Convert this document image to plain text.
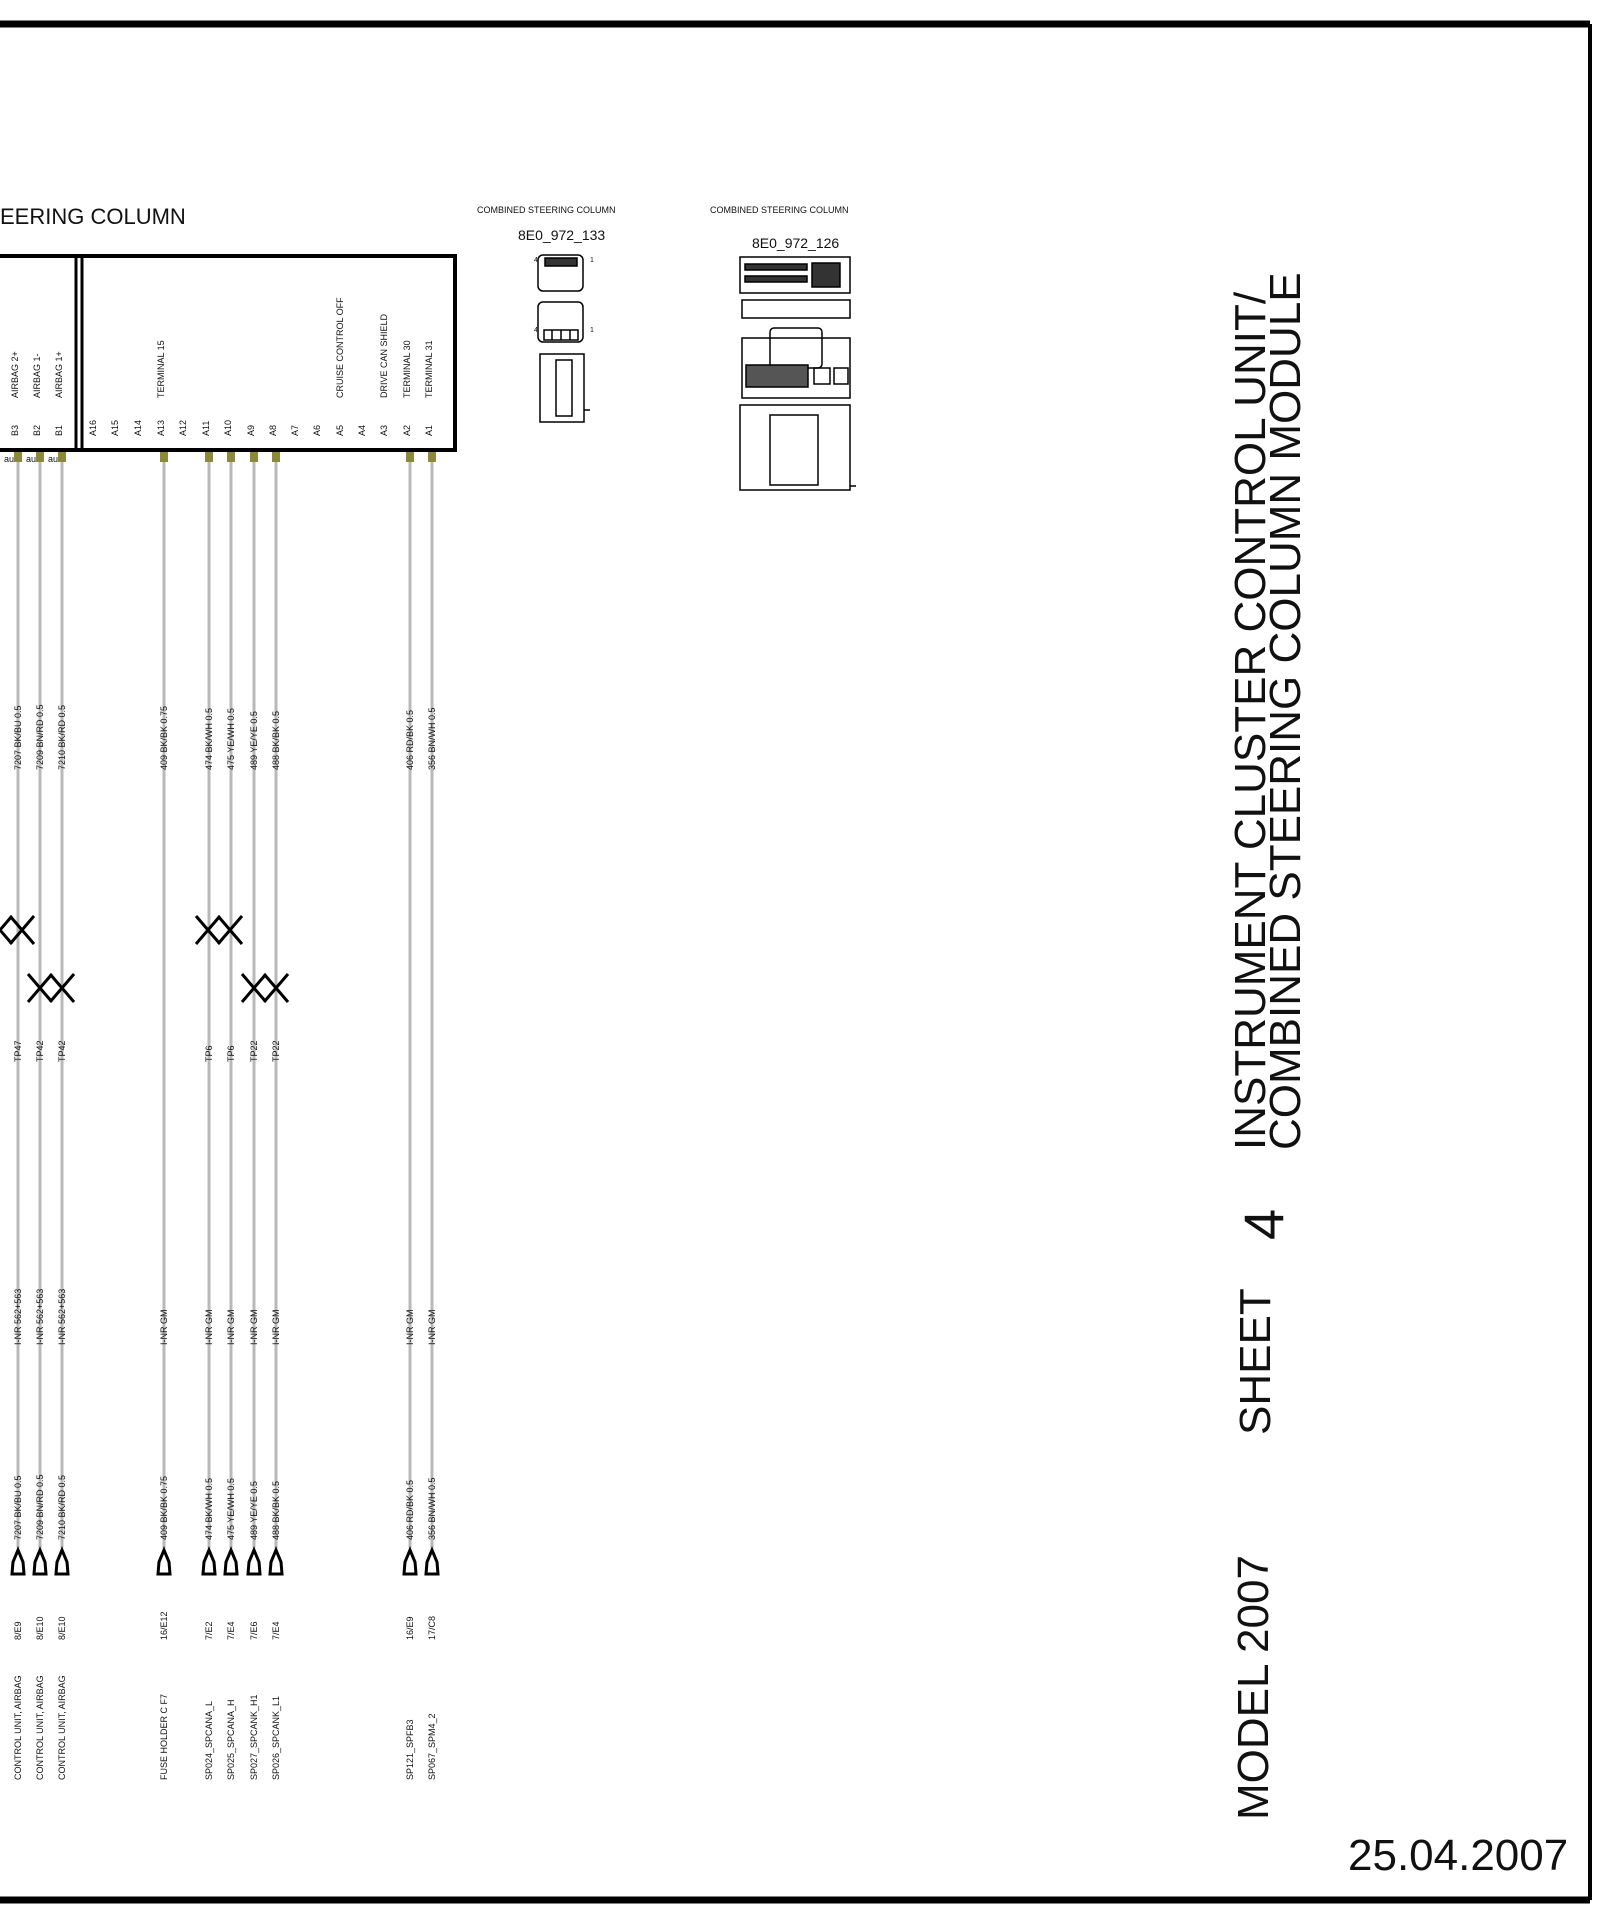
EERING COLUMN
B3
AIRBAG 2+
B2
AIRBAG 1-
B1
AIRBAG 1+
A16 A15 A14 A13
TERMINAL 15
A12 A11 A10 A9 A8 A7 A6 A5
CRUISE CONTROL OFF
A4 A3
DRIVE CAN SHIELD
A2
TERMINAL 30
A1
TERMINAL 31
au au au
7207 BK/BU 0.5
TP47
I-NR 562+563
7207 BK/BU 0.5
8/E9
CONTROL UNIT, AIRBAG
7209 BN/RD 0.5
TP42
I-NR 562+563
7209 BN/RD 0.5
8/E10
CONTROL UNIT, AIRBAG
7210 BK/RD 0.5
TP42
I-NR 562+563
7210 BK/RD 0.5
8/E10
CONTROL UNIT, AIRBAG
409 BK/BK 0.75
I-NR GM
409 BK/BK 0.75
16/E12
FUSE HOLDER C F7
474 BK/WH 0.5
TP6
I-NR GM
474 BK/WH 0.5
7/E2
SP024_SPCANA_L
475 YE/WH 0.5
TP6
I-NR GM
475 YE/WH 0.5
7/E4
SP025_SPCANA_H
489 YE/YE 0.5
TP22
I-NR GM
489 YE/YE 0.5
7/E6
SP027_SPCANK_H1
488 BK/BK 0.5
TP22
I-NR GM
488 BK/BK 0.5
7/E4
SP026_SPCANK_L1
406 RD/BK 0.5
I-NR GM
406 RD/BK 0.5
16/E9
SP121_SPFB3
356 BN/WH 0.5
I-NR GM
356 BN/WH 0.5
17/C8
SP067_SPM4_2
COMBINED STEERING COLUMN
8E0_972_133
4	1
4	1
COMBINED STEERING COLUMN
8E0_972_126
INSTRUMENT CLUSTER CONTROL UNIT/
COMBINED STEERING COLUMN MODULE
4
SHEET
MODEL 2007
25.04.2007
